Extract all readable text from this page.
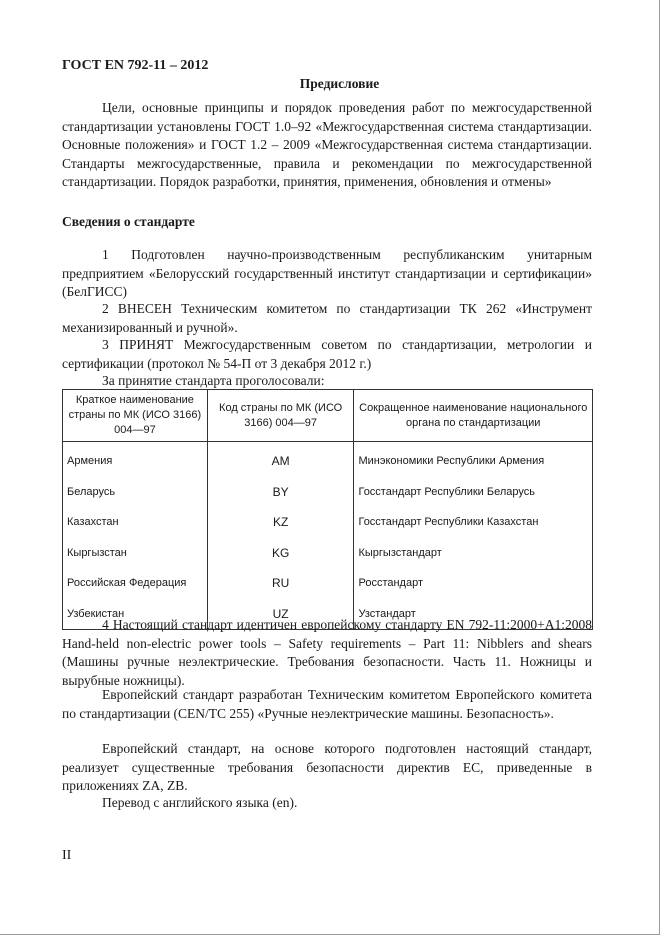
ГОСТ EN 792-11 – 2012
Предисловие

Цели, основные принципы и порядок проведения работ по межгосударственной стандартизации установлены ГОСТ 1.0–92 «Межгосударственная система стандартизации. Основные положения» и ГОСТ 1.2 – 2009 «Межгосударственная система стандартизации. Стандарты межгосударственные, правила и рекомендации по межгосударственной стандартизации. Порядок разработки, принятия, применения, обновления и отмены»

Сведения о стандарте

1 Подготовлен научно-производственным республиканским унитарным предприятием «Белорусский государственный институт стандартизации и сертификации» (БелГИСС)

2 ВНЕСЕН Техническим комитетом по стандартизации ТК 262 «Инструмент механизированный и ручной».

3 ПРИНЯТ Межгосударственным советом по стандартизации, метрологии и сертификации (протокол № 54-П от 3 декабря 2012 г.)

За принятие стандарта проголосовали:

Краткое наименование страны по МК (ИСО 3166) 004—97	Код страны по МК (ИСО 3166) 004—97	Сокращенное наименование национального органа по стандартизации
Армения	AM	Минэкономики Республики Армения
Беларусь	BY	Госстандарт Республики Беларусь
Казахстан	KZ	Госстандарт Республики Казахстан
Кыргызстан	KG	Кыргызстандарт
Российская Федерация	RU	Росстандарт
Узбекистан	UZ	Узстандарт

4 Настоящий стандарт идентичен европейскому стандарту EN 792-11:2000+A1:2008 Hand-held non-electric power tools – Safety requirements – Part 11: Nibblers and shears (Машины ручные неэлектрические. Требования безопасности. Часть 11. Ножницы и вырубные ножницы).

Европейский стандарт разработан Техническим комитетом Европейского комитета по стандартизации (CEN/TC 255) «Ручные неэлектрические машины. Безопасность».

Европейский стандарт, на основе которого подготовлен настоящий стандарт, реализует существенные требования безопасности директив ЕС, приведенные в приложениях ZA, ZB.

Перевод с английского языка (en).

II
